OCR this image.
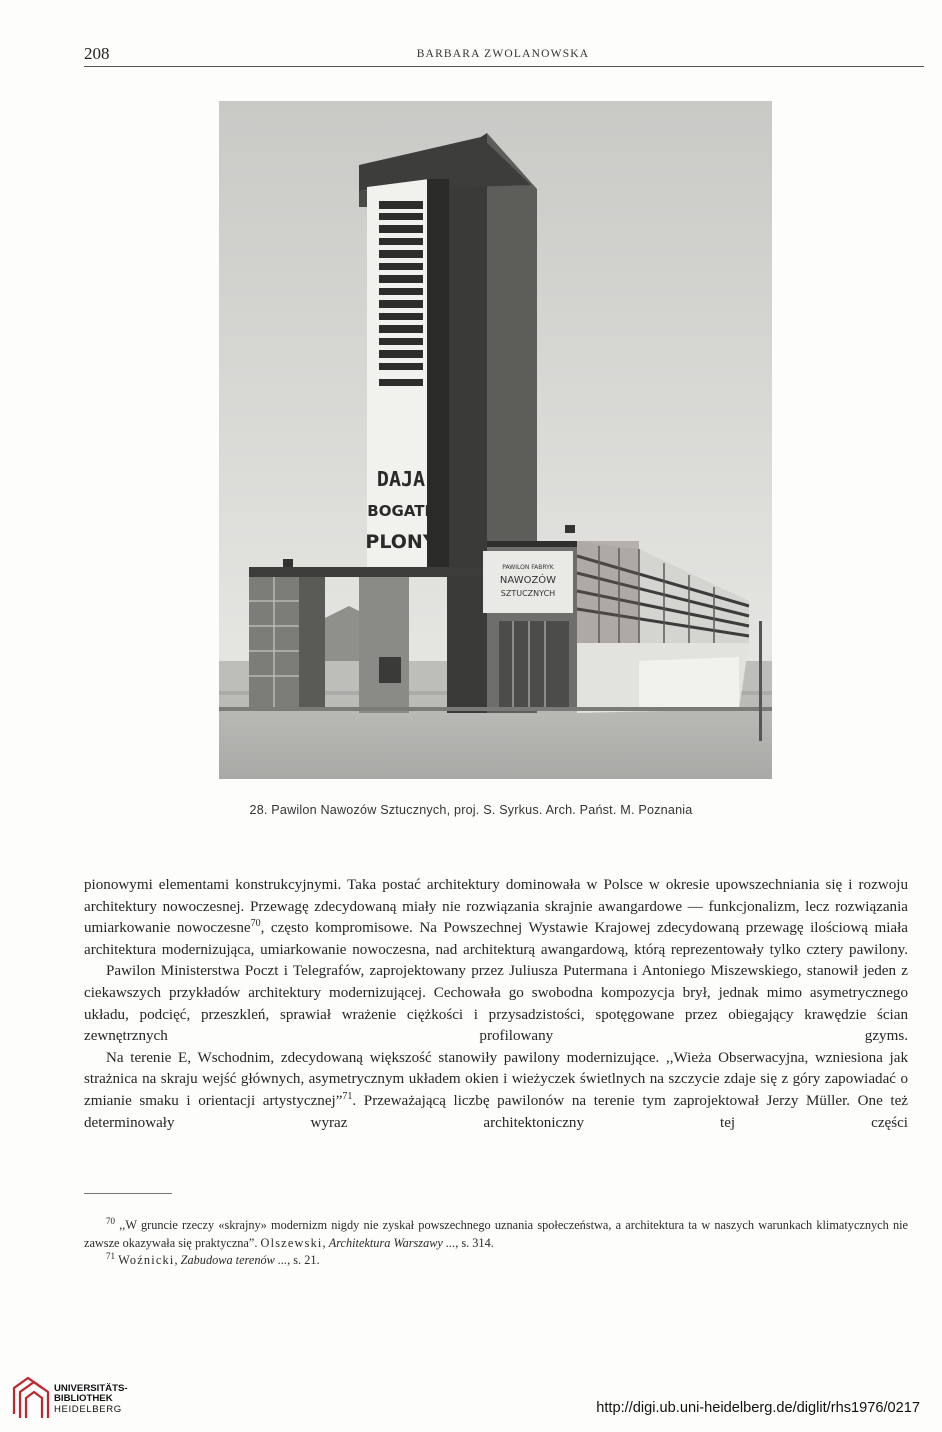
208	BARBARA ZWOLANOWSKA
DAJA
BOGATE
PLONY
PAWILON FABRYK
NAWOZÓW
SZTUCZNYCH
28. Pawilon Nawozów Sztucznych, proj. S. Syrkus. Arch. Państ. M. Poznania

pionowymi elementami konstrukcyjnymi. Taka postać architektury dominowała w Polsce w okresie upowszechniania się i rozwoju architektury nowoczesnej. Przewagę zdecydowaną miały nie rozwiązania skrajnie awangardowe — funkcjonalizm, lecz rozwiązania umiarkowanie nowoczesne$^{70}$, często kompromisowe. Na Powszechnej Wystawie Krajowej zdecydowaną przewagę ilościową miała architektura modernizująca, umiarkowanie nowoczesna, nad architekturą awangardową, którą reprezentowały tylko cztery pawilony.

Pawilon Ministerstwa Poczt i Telegrafów, zaprojektowany przez Juliusza Putermana i Antoniego Miszewskiego, stanowił jeden z ciekawszych przykładów architektury modernizującej. Cechowała go swobodna kompozycja brył, jednak mimo asymetrycznego układu, podcięć, przeszkleń, sprawiał wrażenie ciężkości i przysadzistości, spotęgowane przez obiegający krawędzie ścian zewnętrznych profilowany gzyms.

Na terenie E, Wschodnim, zdecydowaną większość stanowiły pawilony modernizujące. ,,Wieża Obserwacyjna, wzniesiona jak strażnica na skraju wejść głównych, asymetrycznym układem okien i wieżyczek świetlnych na szczycie zdaje się z góry zapowiadać o zmianie smaku i orientacji artystycznej”$^{71}$. Przeważającą liczbę pawilonów na terenie tym zaprojektował Jerzy Müller. One też determinowały wyraz architektoniczny tej części

$^{70}$ ,,W gruncie rzeczy «skrajny» modernizm nigdy nie zyskał powszechnego uznania społeczeństwa, a architektura ta w naszych warunkach klimatycznych nie zawsze okazywała się praktyczna”. Olszewski, Architektura Warszawy ..., s. 314.

$^{71}$ Woźnicki, Zabudowa terenów ..., s. 21.

UNIVERSITÄTS-
BIBLIOTHEK
HEIDELBERG	http://digi.ub.uni-heidelberg.de/diglit/rhs1976/0217
